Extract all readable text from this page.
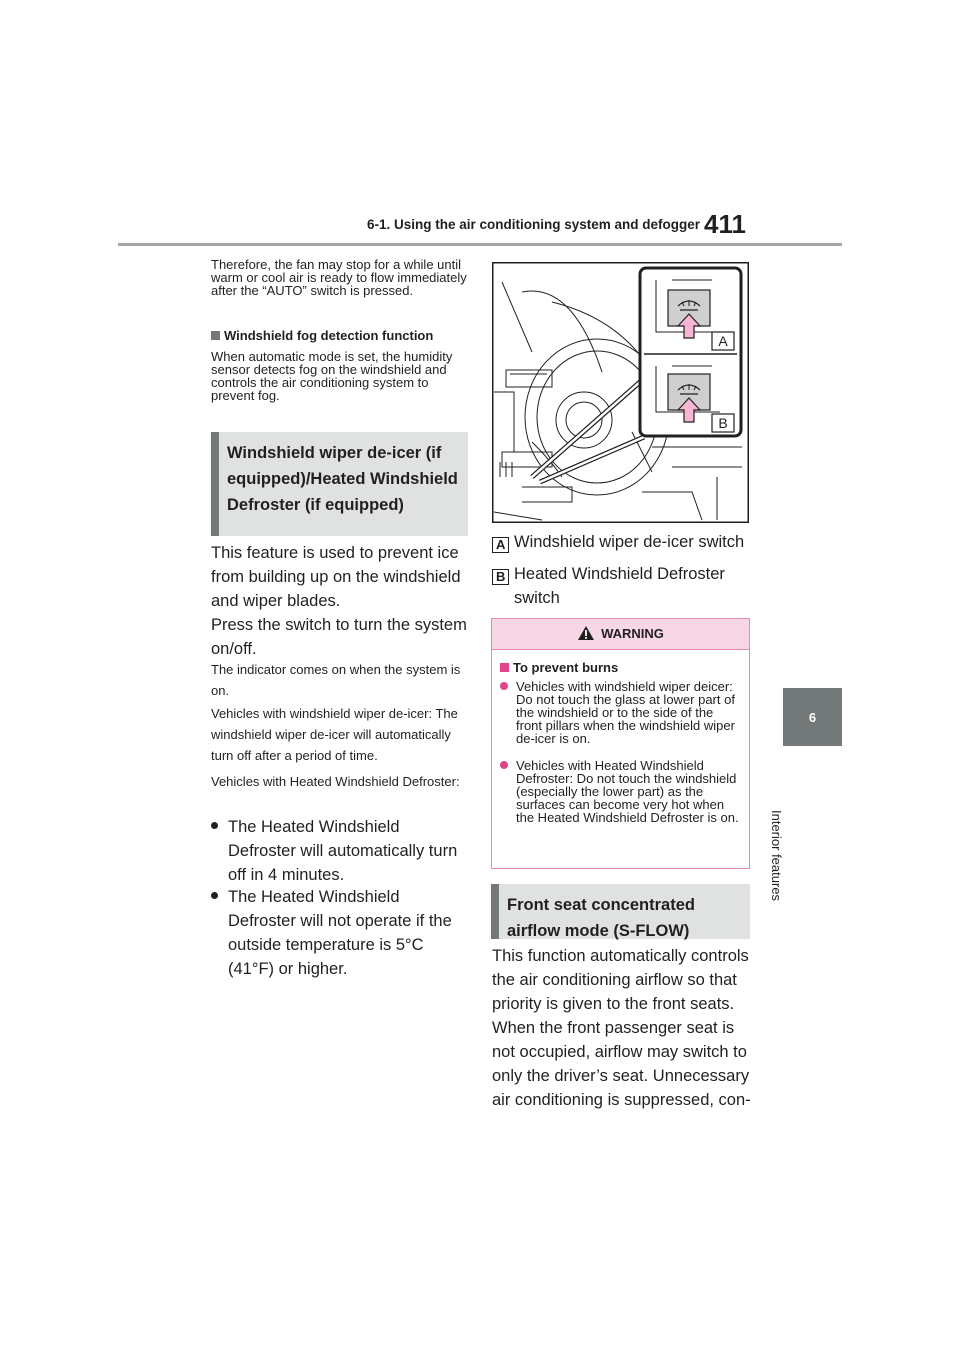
6-1. Using the air conditioning system and defogger 411
6
Interior features
Therefore, the fan may stop for a while until warm or cool air is ready to flow immediately after the “AUTO” switch is pressed.
Windshield fog detection function
When automatic mode is set, the humidity sensor detects fog on the windshield and controls the air conditioning system to prevent fog.
Windshield wiper de-icer (if equipped)/Heated Windshield Defroster (if equipped)
This feature is used to prevent ice from building up on the windshield and wiper blades.
Press the switch to turn the system on/off.
The indicator comes on when the system is on.
Vehicles with windshield wiper de-icer: The windshield wiper de-icer will automatically turn off after a period of time.
Vehicles with Heated Windshield Defroster:
The Heated Windshield Defroster will automatically turn off in 4 minutes.
The Heated Windshield Defroster will not operate if the outside temperature is 5°C (41°F) or higher.
A
B
A Windshield wiper de-icer switch
B Heated Windshield Defroster switch
WARNING
To prevent burns
Vehicles with windshield wiper deicer: Do not touch the glass at lower part of the windshield or to the side of the front pillars when the windshield wiper de-icer is on.
Vehicles with Heated Windshield Defroster: Do not touch the windshield (especially the lower part) as the surfaces can become very hot when the Heated Windshield Defroster is on.
Front seat concentrated airflow mode (S-FLOW)
This function automatically controls the air conditioning airflow so that priority is given to the front seats. When the front passenger seat is not occupied, airflow may switch to only the driver’s seat. Unnecessary air conditioning is suppressed, con-
